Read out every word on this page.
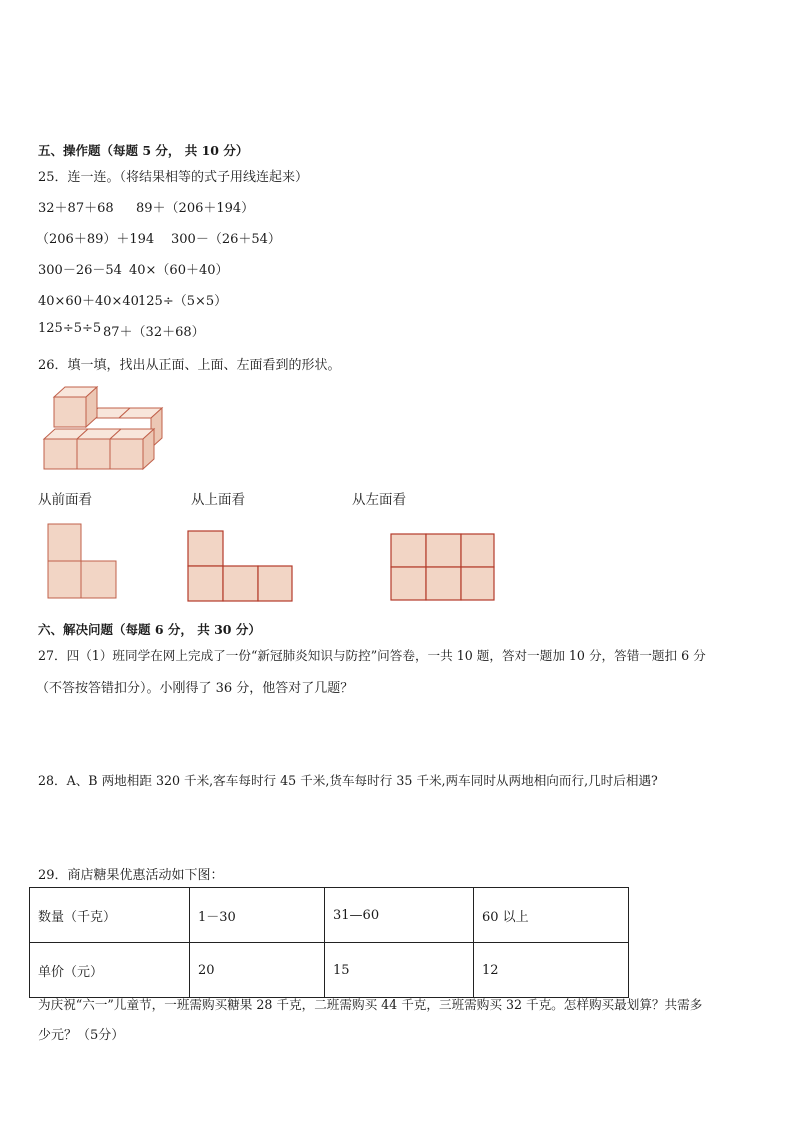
五、操作题（每题 5 分， 共 10 分）
25．连一连。（将结果相等的式子用线连起来）
32＋87＋68 89＋（206＋194）
（206＋89）＋194 300－（26＋54）
300－26－54 40×（60＋40）
40×60＋40×40 125÷（5×5）
125÷5÷5 87＋（32＋68）
26．填一填，找出从正面、上面、左面看到的形状。
从前面看	从上面看	从左面看
六、解决问题（每题 6 分， 共 30 分）
27．四（1）班同学在网上完成了一份“新冠肺炎知识与防控”问答卷，一共 10 题，答对一题加 10 分，答错一题扣 6 分
（不答按答错扣分）。小刚得了 36 分，他答对了几题？
28．A、B 两地相距 320 千米,客车每时行 45 千米,货车每时行 35 千米,两车同时从两地相向而行,几时后相遇?
29．商店糖果优惠活动如下图：
数量（千克）	1－30	31—60	60 以上
单价（元）	20	15	12
为庆祝“六一”儿童节，一班需购买糖果 28 千克，二班需购买 44 千克，三班需购买 32 千克。怎样购买最划算？共需多
少元？（5分）
